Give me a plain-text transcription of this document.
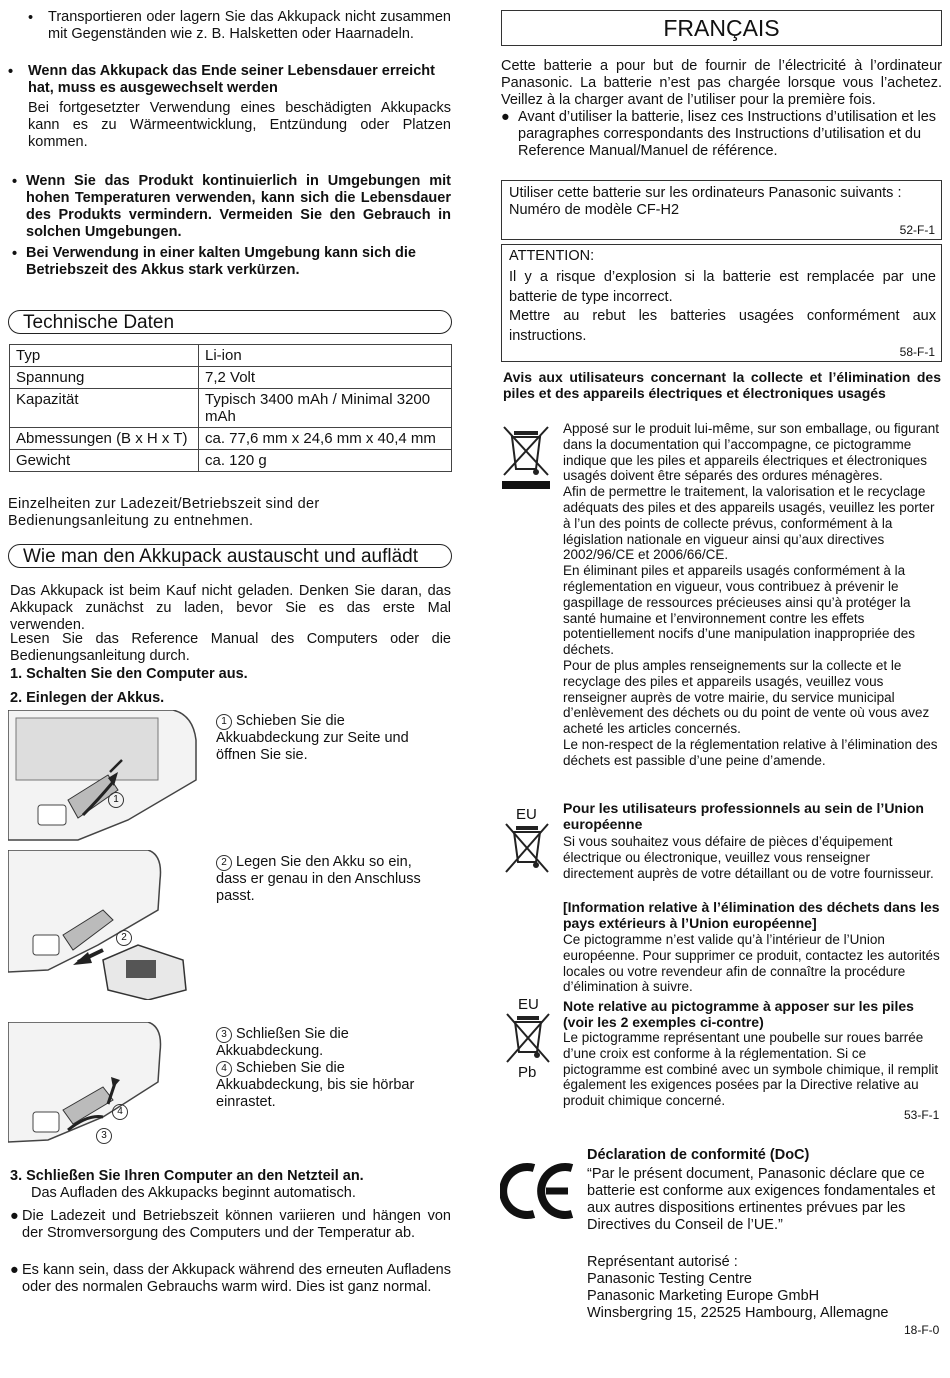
• Transportieren oder lagern Sie das Akkupack nicht zusammen mit Gegenständen wie z. B. Halsketten oder Haarnadeln.

• Wenn das Akkupack das Ende seiner Lebensdauer erreicht hat, muss es ausgewechselt werden

Bei fortgesetzter Verwendung eines beschädigten Akkupacks kann es zu Wärmeentwicklung, Entzündung oder Platzen kommen.

• Wenn Sie das Produkt kontinuierlich in Umgebungen mit hohen Temperaturen verwenden, kann sich die Lebensdauer des Produkts vermindern. Vermeiden Sie den Gebrauch in solchen Umgebungen.

• Bei Verwendung in einer kalten Umgebung kann sich die Betriebszeit des Akkus stark verkürzen.

Technische Daten
Typ	Li-ion
Spannung	7,2 Volt
Kapazität	Typisch 3400 mAh / Minimal 3200 mAh
Abmessungen (B x H x T)	ca. 77,6 mm x 24,6 mm x 40,4 mm
Gewicht	ca. 120 g

Einzelheiten zur Ladezeit/Betriebszeit sind der Bedienungsanleitung zu entnehmen.

Wie man den Akkupack austauscht und auflädt

Das Akkupack ist beim Kauf nicht geladen. Denken Sie daran, das Akkupack zunächst zu laden, bevor Sie es das erste Mal verwenden.

Lesen Sie das Reference Manual des Computers oder die Bedienungsanleitung durch.

1. Schalten Sie den Computer aus.

2. Einlegen der Akkus.

1
2
4
3
1 Schieben Sie die Akkuabdeckung zur Seite und öffnen Sie sie.
2 Legen Sie den Akku so ein, dass er genau in den Anschluss passt.
3 Schließen Sie die Akkuabdeckung.
4 Schieben Sie die Akkuabdeckung, bis sie hörbar einrastet.

3. Schließen Sie Ihren Computer an den Netzteil an.

Das Aufladen des Akkupacks beginnt automatisch.

● Die Ladezeit und Betriebszeit können variieren und hängen von der Stromversorgung des Computers und der Temperatur ab.

● Es kann sein, dass der Akkupack während des erneuten Aufladens oder des normalen Gebrauchs warm wird. Dies ist ganz normal.

FRANÇAIS

Cette batterie a pour but de fournir de l’électricité à l’ordinateur Panasonic. La batterie n’est pas chargée lorsque vous l’achetez. Veillez à la charger avant de l’utiliser pour la première fois.

● Avant d’utiliser la batterie, lisez ces Instructions d’utilisation et les paragraphes correspondants des Instructions d’utilisation et du Reference Manual/Manuel de référence.

Utiliser cette batterie sur les ordinateurs Panasonic suivants : Numéro de modèle CF-H2

52-F-1

ATTENTION:

Il y a risque d’explosion si la batterie est remplacée par une batterie de type incorrect.

Mettre au rebut les batteries usagées conformément aux instructions.

58-F-1

Avis aux utilisateurs concernant la collecte et l’élimination des piles et des appareils électriques et électroniques usagés

Apposé sur le produit lui-même, sur son emballage, ou figurant dans la documentation qui l’accompagne, ce pictogramme indique que les piles et appareils électriques et électroniques usagés doivent être séparés des ordures ménagères.

Afin de permettre le traitement, la valorisation et le recyclage adéquats des piles et des appareils usagés, veuillez les porter à l’un des points de collecte prévus, conformément à la législation nationale en vigueur ainsi qu’aux directives 2002/96/CE et 2006/66/CE.

En éliminant piles et appareils usagés conformément à la réglementation en vigueur, vous contribuez à prévenir le gaspillage de ressources précieuses ainsi qu’à protéger la santé humaine et l’environnement contre les effets potentiellement nocifs d’une manipulation inappropriée des déchets.

Pour de plus amples renseignements sur la collecte et le recyclage des piles et appareils usagés, veuillez vous renseigner auprès de votre mairie, du service municipal d’enlèvement des déchets ou du point de vente où vous avez acheté les articles concernés.

Le non-respect de la réglementation relative à l’élimination des déchets est passible d’une peine d’amende.

EU Pour les utilisateurs professionnels au sein de l’Union européenne

Si vous souhaitez vous défaire de pièces d’équipement électrique ou électronique, veuillez vous renseigner directement auprès de votre détaillant ou de votre fournisseur.

[Information relative à l’élimination des déchets dans les pays extérieurs à l’Union européenne]

Ce pictogramme n’est valide qu’à l’intérieur de l’Union européenne. Pour supprimer ce produit, contactez les autorités locales ou votre revendeur afin de connaître la procédure d’élimination à suivre.

EU
Pb

Note relative au pictogramme à apposer sur les piles (voir les 2 exemples ci-contre)

Le pictogramme représentant une poubelle sur roues barrée d’une croix est conforme à la réglementation. Si ce pictogramme est combiné avec un symbole chimique, il remplit également les exigences posées par la Directive relative au produit chimique concerné.

53-F-1

Déclaration de conformité (DoC)

“Par le présent document, Panasonic déclare que ce batterie est conforme aux exigences fondamentales et aux autres dispositions ertinentes prévues par les Directives du Conseil de l’UE.”

Représentant autorisé :

Panasonic Testing Centre

Panasonic Marketing Europe GmbH

Winsbergring 15, 22525 Hambourg, Allemagne

18-F-0
